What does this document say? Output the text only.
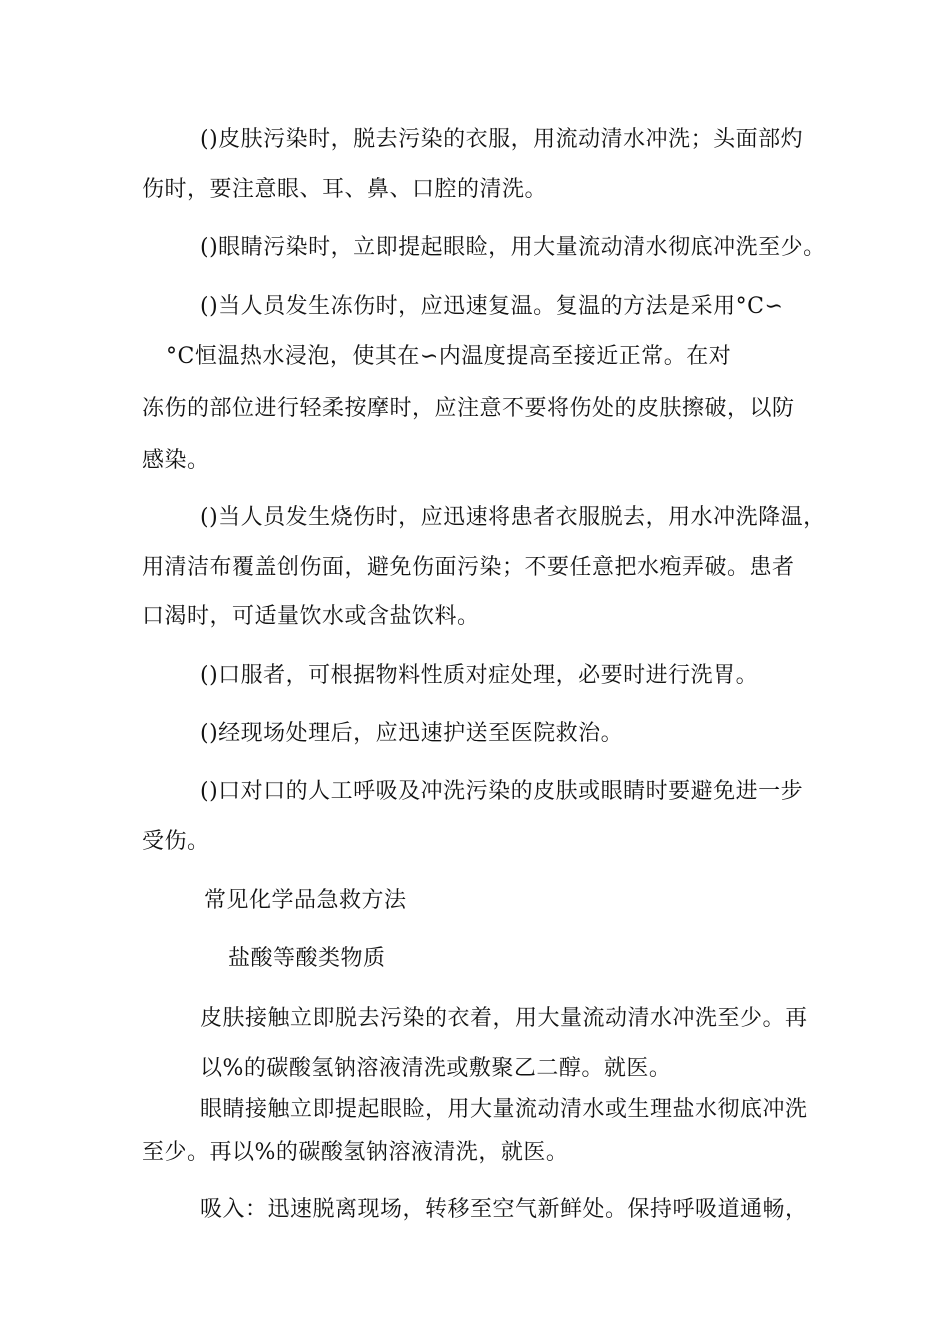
()皮肤污染时，脱去污染的衣服，用流动清水冲洗；头面部灼
伤时，要注意眼、耳、鼻、口腔的清洗。
()眼睛污染时，立即提起眼睑，用大量流动清水彻底冲洗至少。
()当人员发生冻伤时，应迅速复温。复温的方法是采用°C∽
°C恒温热水浸泡，使其在∽内温度提高至接近正常。在对
冻伤的部位进行轻柔按摩时，应注意不要将伤处的皮肤擦破，以防
感染。
()当人员发生烧伤时，应迅速将患者衣服脱去，用水冲洗降温，
用清洁布覆盖创伤面，避免伤面污染；不要任意把水疱弄破。患者
口渴时，可适量饮水或含盐饮料。
()口服者，可根据物料性质对症处理，必要时进行洗胃。
()经现场处理后，应迅速护送至医院救治。
()口对口的人工呼吸及冲洗污染的皮肤或眼睛时要避免进一步
受伤。
常见化学品急救方法
盐酸等酸类物质
皮肤接触立即脱去污染的衣着，用大量流动清水冲洗至少。再
以%的碳酸氢钠溶液清洗或敷聚乙二醇。就医。
眼睛接触立即提起眼睑，用大量流动清水或生理盐水彻底冲洗
至少。再以%的碳酸氢钠溶液清洗，就医。
吸入：迅速脱离现场，转移至空气新鲜处。保持呼吸道通畅，
